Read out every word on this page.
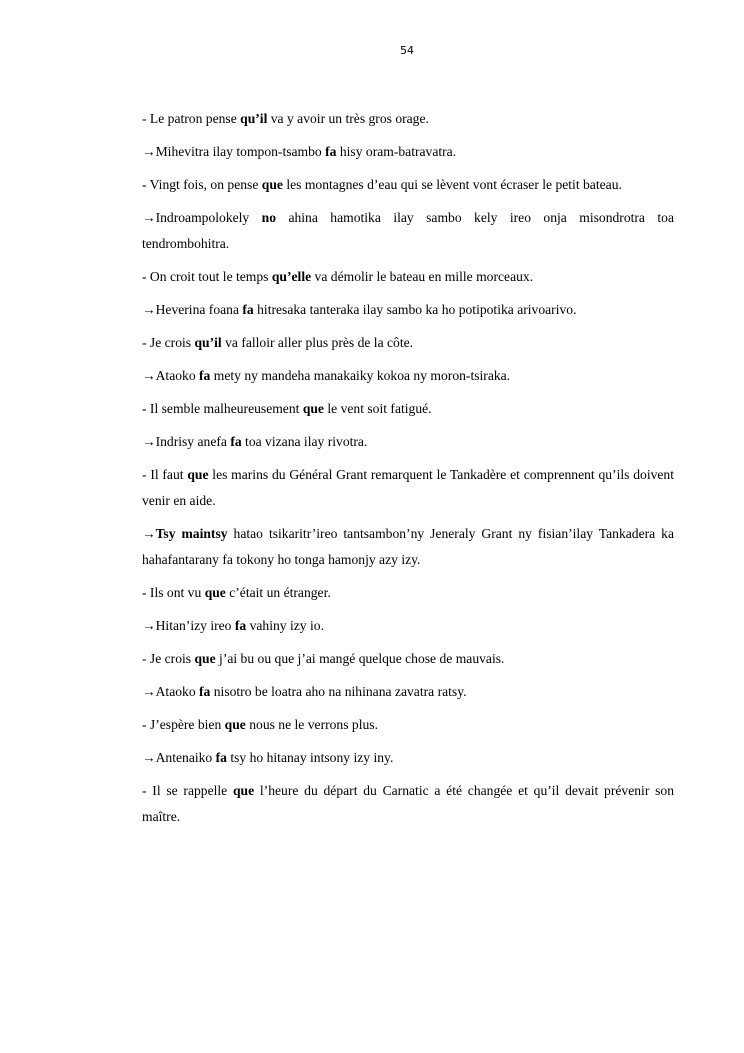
54

- Le patron pense qu’il va y avoir un très gros orage.

→Mihevitra ilay tompon-tsambo fa hisy oram-batravatra.

- Vingt fois, on pense que les montagnes d’eau qui se lèvent vont écraser le petit bateau.

→Indroampolokely no ahina hamotika ilay sambo kely ireo onja misondrotra toa tendrombohitra.

- On croit tout le temps qu’elle va démolir le bateau en mille morceaux.

→Heverina foana fa hitresaka tanteraka ilay sambo ka ho potipotika arivoarivo.

- Je crois qu’il va falloir aller plus près de la côte.

→Ataoko fa mety ny mandeha manakaiky kokoa ny moron-tsiraka.

- Il semble malheureusement que le vent soit fatigué.

→Indrisy anefa fa toa vizana ilay rivotra.

- Il faut que les marins du Général Grant remarquent le Tankadère et comprennent qu’ils doivent venir en aide.

→Tsy maintsy hatao tsikaritr’ireo tantsambon’ny Jeneraly Grant ny fisian’ilay Tankadera ka hahafantarany fa tokony ho tonga hamonjy azy izy.

- Ils ont vu que c’était un étranger.

→Hitan’izy ireo fa vahiny izy io.

- Je crois que j’ai bu ou que j’ai mangé quelque chose de mauvais.

→Ataoko fa nisotro be loatra aho na nihinana zavatra ratsy.

- J’espère bien que nous ne le verrons plus.

→Antenaiko fa tsy ho hitanay intsony izy iny.

- Il se rappelle que l’heure du départ du Carnatic a été changée et qu’il devait prévenir son maître.
